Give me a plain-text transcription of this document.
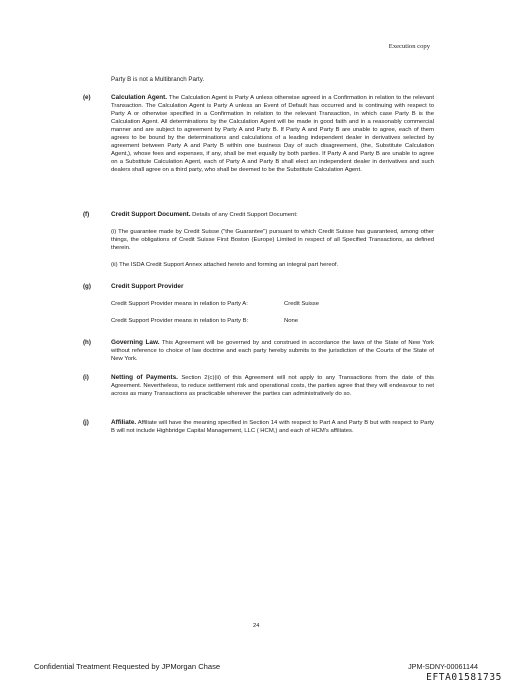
Execution copy
Party B is not a Multibranch Party.
(e)	Calculation Agent. The Calculation Agent is Party A unless otherwise agreed in a Confirmation in relation to the relevant Transaction. The Calculation Agent is Party A unless an Event of Default has occurred and is continuing with respect to Party A or otherwise specified in a Confirmation in relation to the relevant Transaction, in which case Party B is the Calculation Agent. All determinations by the Calculation Agent will be made in good faith and in a reasonably commercial manner and are subject to agreement by Party A and Party B. If Party A and Party B are unable to agree, each of them agrees to be bound by the determinations and calculations of a leading independent dealer in derivatives selected by agreement between Party A and Party B within one business Day of such disagreement, (the, Substitute Calculation Agent,), whose fees and expenses, if any, shall be met equally by both parties. If Party A and Party B are unable to agree on a Substitute Calculation Agent, each of Party A and Party B shall elect an independent dealer in derivatives and such dealers shall agree on a third party, who shall be deemed to be the Substitute Calculation Agent.
(f)	Credit Support Document. Details of any Credit Support Document:

(i) The guarantee made by Credit Suisse ("the Guarantee") pursuant to which Credit Suisse has guaranteed, among other things, the obligations of Credit Suisse First Boston (Europe) Limited in respect of all Specified Transactions, as defined therein.

(ii) The ISDA Credit Support Annex attached hereto and forming an integral part hereof.

(g)	Credit Support Provider

Credit Support Provider means in relation to Party A:	Credit Suisse

Credit Support Provider means in relation to Party B:	None

(h)	Governing Law. This Agreement will be governed by and construed in accordance the laws of the State of New York without reference to choice of law doctrine and each party hereby submits to the jurisdiction of the Courts of the State of New York.
(i)	Netting of Payments. Section 2(c)(ii) of this Agreement will not apply to any Transactions from the date of this Agreement. Nevertheless, to reduce settlement risk and operational costs, the parties agree that they will endeavour to net across as many Transactions as practicable wherever the parties can administratively do so.
(j)	Affiliate. Affiliate will have the meaning specified in Section 14 with respect to Part A and Party B but with respect to Party B will not include Highbridge Capital Management, LLC ( HCM,) and each of HCM's affiliates.
24
Confidential Treatment Requested by JPMorgan Chase	JPM-SDNY-00061144
EFTA01581735
